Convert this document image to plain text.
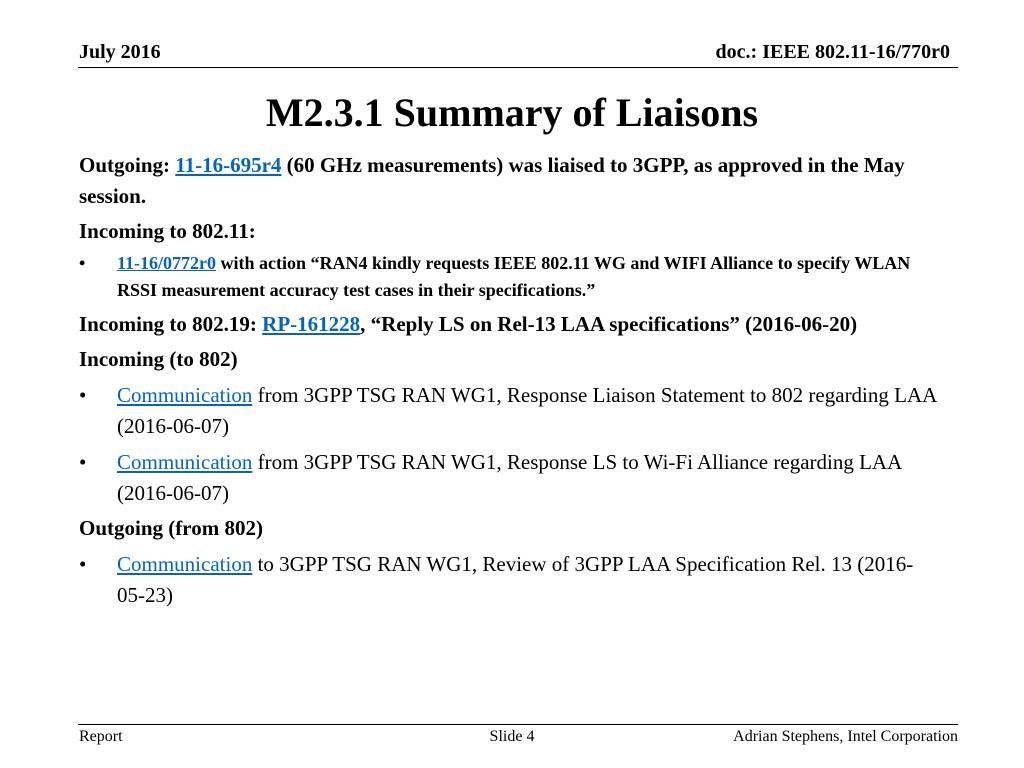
July 2016	doc.: IEEE 802.11-16/770r0
M2.3.1 Summary of Liaisons

Outgoing: 11-16-695r4 (60 GHz measurements) was liaised to 3GPP, as approved in the May session.

Incoming to 802.11:

• 11-16/0772r0 with action “RAN4 kindly requests IEEE 802.11 WG and WIFI Alliance to specify WLAN RSSI measurement accuracy test cases in their specifications.”

Incoming to 802.19: RP-161228, “Reply LS on Rel-13 LAA specifications” (2016-06-20)

Incoming (to 802)

• Communication from 3GPP TSG RAN WG1, Response Liaison Statement to 802 regarding LAA (2016-06-07)

• Communication from 3GPP TSG RAN WG1, Response LS to Wi-Fi Alliance regarding LAA (2016-06-07)

Outgoing (from 802)

• Communication to 3GPP TSG RAN WG1, Review of 3GPP LAA Specification Rel. 13 (2016-05-23)

Report	Slide 4	Adrian Stephens, Intel Corporation
